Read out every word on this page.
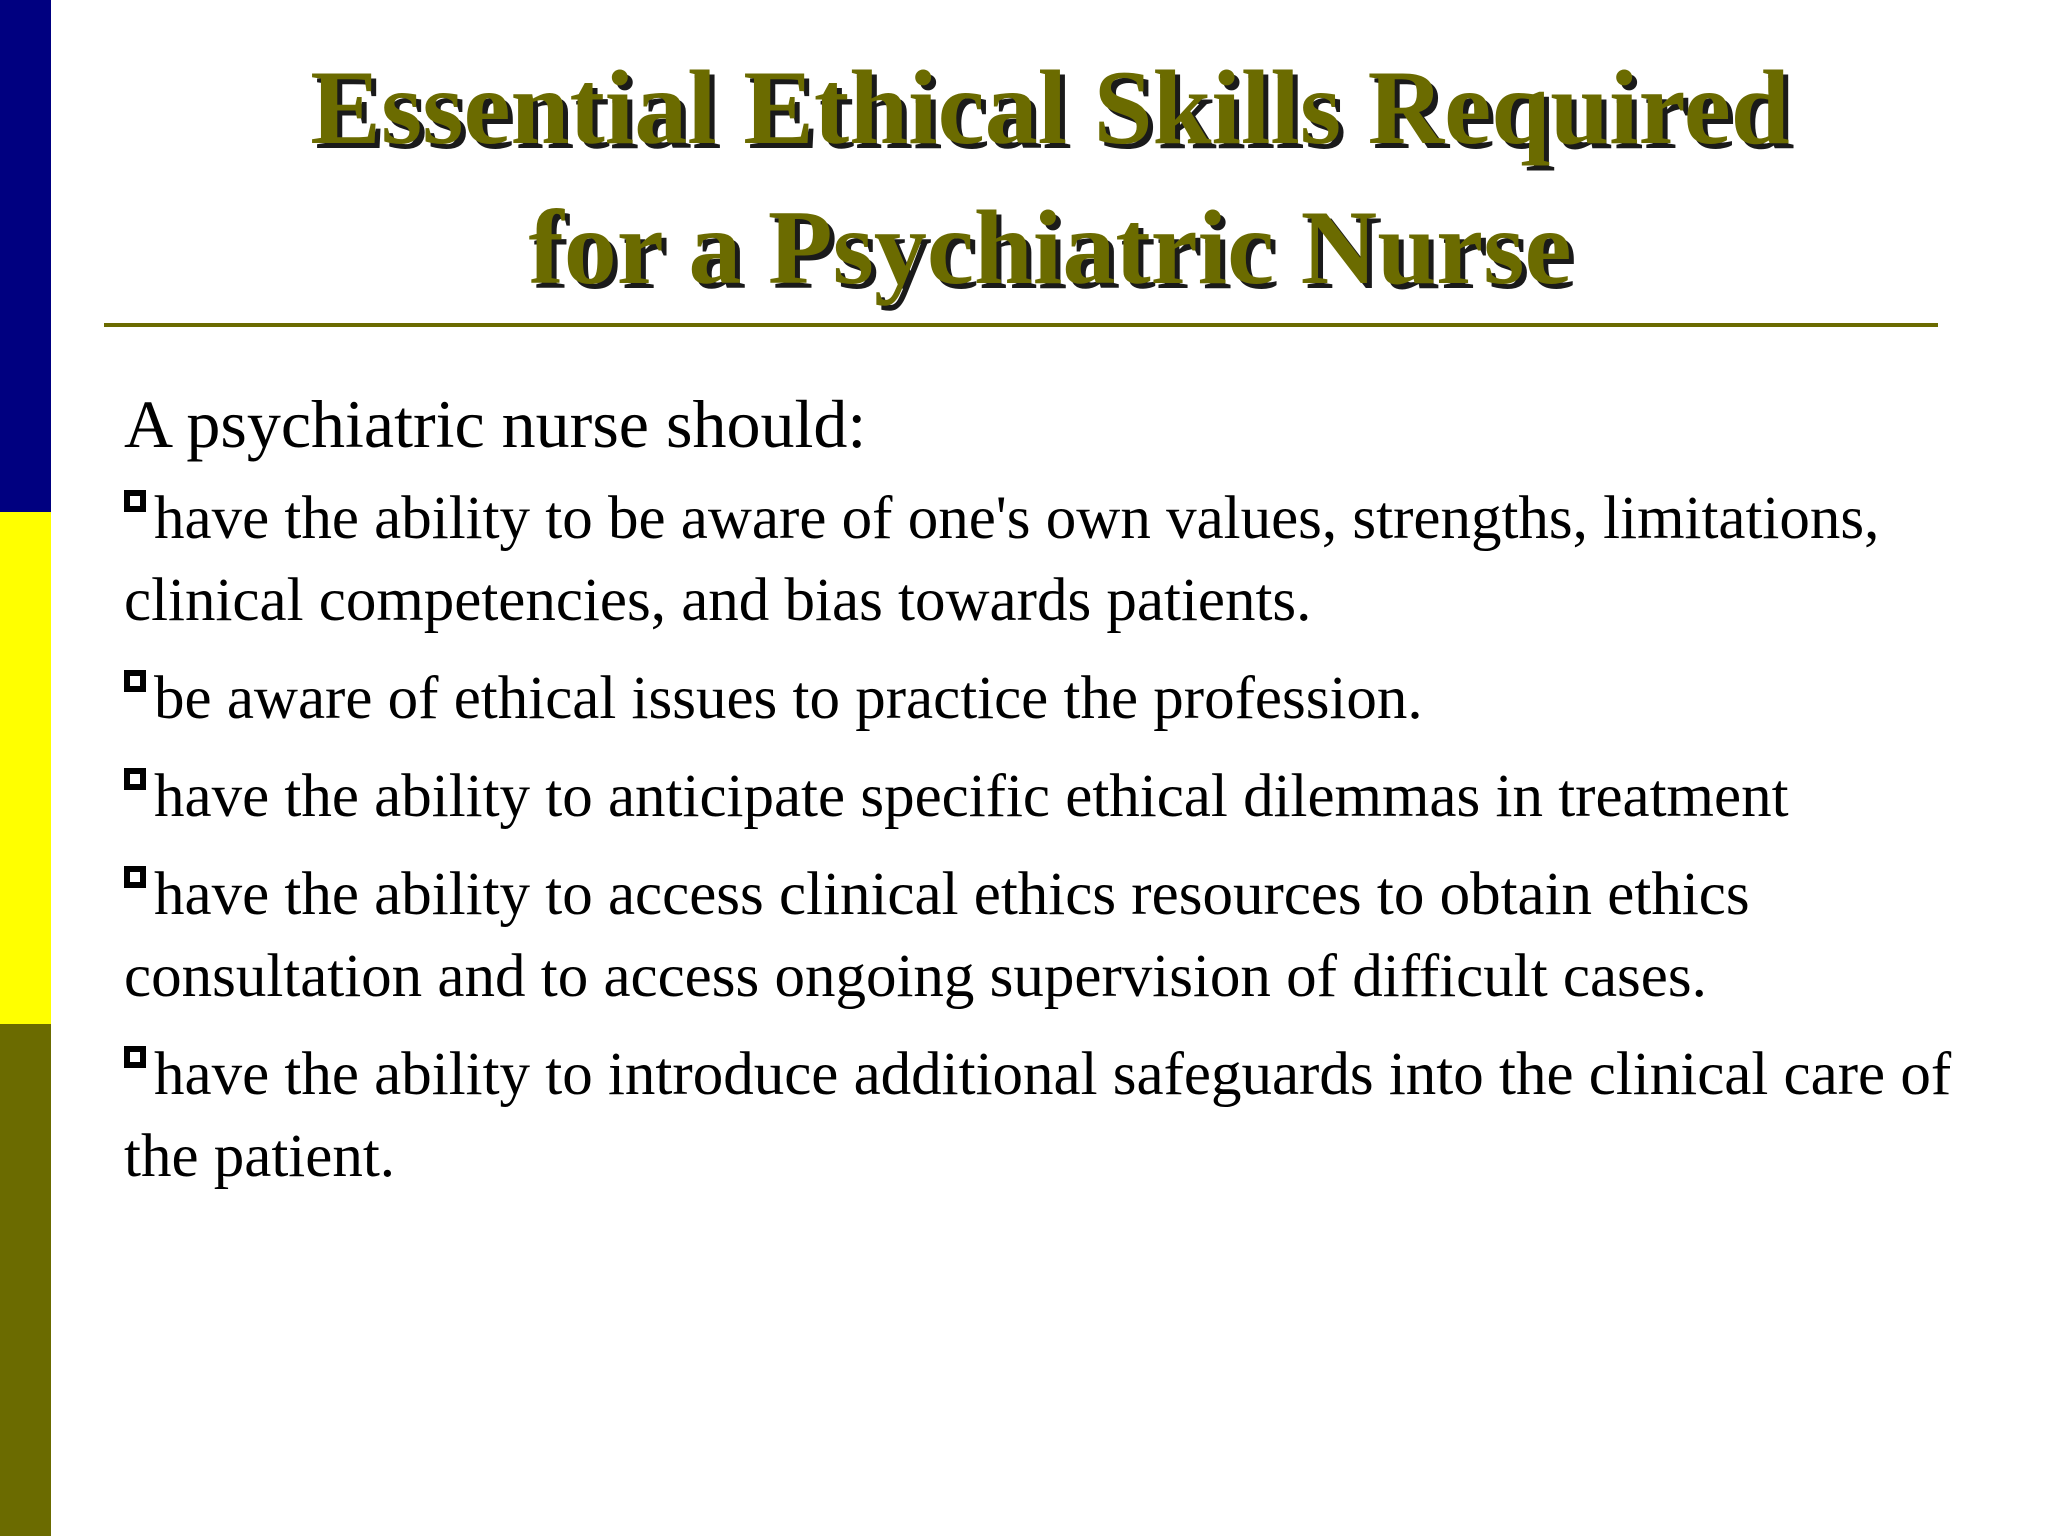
Essential Ethical Skills Required
for a Psychiatric Nurse

A psychiatric nurse should:

have the ability to be aware of one's own values, strengths, limitations, clinical competencies, and bias towards patients.

be aware of ethical issues to practice the profession.

have the ability to anticipate specific ethical dilemmas in treatment

have the ability to access clinical ethics resources to obtain ethics consultation and to access ongoing supervision of difficult cases.

have the ability to introduce additional safeguards into the clinical care of the patient.
